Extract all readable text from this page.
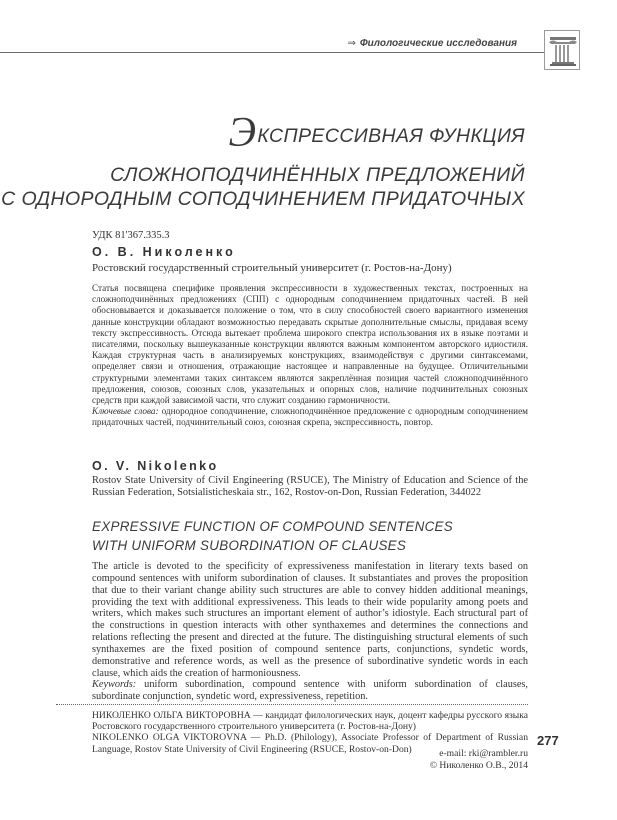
⇒ Филологические исследования
ЭКСПРЕССИВНАЯ ФУНКЦИЯ
СЛОЖНОПОДЧИНЁННЫХ ПРЕДЛОЖЕНИЙ
С ОДНОРОДНЫМ СОПОДЧИНЕНИЕМ ПРИДАТОЧНЫХ
УДК 81'367.335.3
О. В. Николенко
Ростовский государственный строительный университет (г. Ростов-на-Дону)

Статья посвящена специфике проявления экспрессивности в художественных текстах, построенных на сложноподчинённых предложениях (СПП) с однородным соподчинением придаточных частей. В ней обосновывается и доказывается положение о том, что в силу способностей своего вариантного изменения данные конструкции обладают возможностью передавать скрытые дополнительные смыслы, придавая всему тексту экспрессивность. Отсюда вытекает проблема широкого спектра использования их в языке поэтами и писателями, поскольку вышеуказанные конструкции являются важным компонентом авторского идиостиля. Каждая структурная часть в анализируемых конструкциях, взаимодействуя с другими синтаксемами, определяет связи и отношения, отражающие настоящее и направленные на будущее. Отличительными структурными элементами таких синтаксем являются закреплённая позиция частей сложноподчинённого предложения, союзов, союзных слов, указательных и опорных слов, наличие подчинительных союзных средств при каждой зависимой части, что служит созданию гармоничности.

Ключевые слова: однородное соподчинение, сложноподчинённое предложение с однородным соподчинением придаточных частей, подчинительный союз, союзная скрепа, экспрессивность, повтор.

O. V. Nikolenko
Rostov State University of Civil Engineering (RSUCE), The Ministry of Education and Science of the Russian Federation, Sotsialisticheskaia str., 162, Rostov-on-Don, Russian Federation, 344022
EXPRESSIVE FUNCTION OF COMPOUND SENTENCES
WITH UNIFORM SUBORDINATION OF CLAUSES

The article is devoted to the specificity of expressiveness manifestation in literary texts based on compound sentences with uniform subordination of clauses. It substantiates and proves the proposition that due to their variant change ability such structures are able to convey hidden additional meanings, providing the text with additional expressiveness. This leads to their wide popularity among poets and writers, which makes such structures an important element of author’s idiostyle. Each structural part of the constructions in question interacts with other synthaxemes and determines the connections and relations reflecting the present and directed at the future. The distinguishing structural elements of such synthaxemes are the fixed position of compound sentence parts, conjunctions, syndetic words, demonstrative and reference words, as well as the presence of subordinative syndetic words in each clause, which aids the creation of harmoniousness.

Keywords: uniform subordination, compound sentence with uniform subordination of clauses, subordinate conjunction, syndetic word, expressiveness, repetition.

НИКОЛЕНКО ОЛЬГА ВИКТОРОВНА — кандидат филологических наук, доцент кафедры русского языка Ростовского государственного строительного университета (г. Ростов-на-Дону)

NIKOLENKO OLGA VIKTOROVNA — Ph.D. (Philology), Associate Professor of Department of Russian Language, Rostov State University of Civil Engineering (RSUCE, Rostov-on-Don)	e-mail: rki@rambler.ru
© Николенко О.В., 2014
277
